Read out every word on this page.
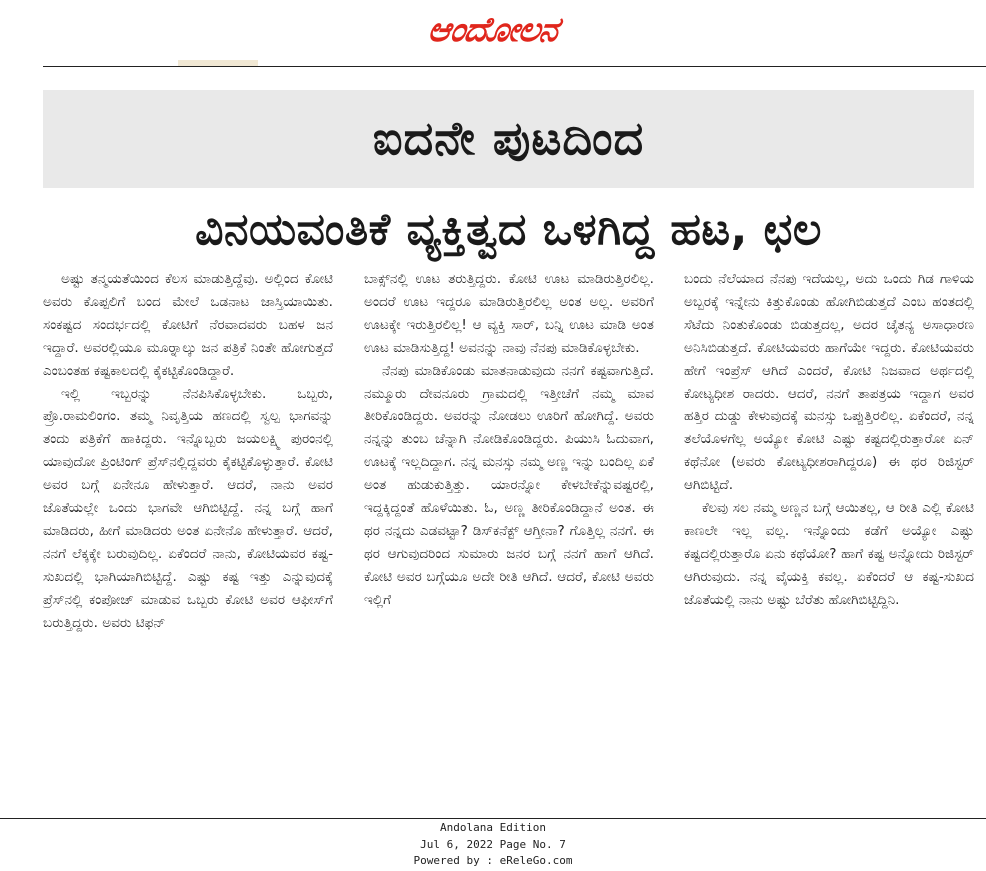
ಆಂದೋಲನ
ಐದನೇ ಪುಟದಿಂದ
ವಿನಯವಂತಿಕೆ ವ್ಯಕ್ತಿತ್ವದ ಒಳಗಿದ್ದ ಹಟ, ಛಲ

ಅಷ್ಟು ತನ್ಮಯತೆಯಿಂದ ಕೆಲಸ ಮಾಡುತ್ತಿದ್ದೆವು. ಅಲ್ಲಿಂದ ಕೋಟಿ ಅವರು ಕೊಪ್ಪಲಿಗೆ ಬಂದ ಮೇಲೆ ಒಡನಾಟ ಜಾಸ್ತಿಯಾಯಿತು. ಸಂಕಷ್ಟದ ಸಂದರ್ಭದಲ್ಲಿ ಕೋಟಿಗೆ ನೆರವಾದವರು ಬಹಳ ಜನ ಇದ್ದಾರೆ. ಅವರಲ್ಲಿಯೂ ಮೂರ್‍ನಾಲ್ಕು ಜನ ಪತ್ರಿಕೆ ನಿಂತೇ ಹೋಗುತ್ತದೆ ಎಂಬಂತಹ ಕಷ್ಟಕಾಲದಲ್ಲಿ ಕೈಕಟ್ಟಿಕೊಂಡಿದ್ದಾರೆ.

ಇಲ್ಲಿ ಇಬ್ಬರನ್ನು ನೆನಪಿಸಿಕೊಳ್ಳಬೇಕು. ಒಬ್ಬರು, ಪ್ರೊ.ರಾಮಲಿಂಗಂ. ತಮ್ಮ ನಿವೃತ್ತಿಯ ಹಣದಲ್ಲಿ ಸ್ವಲ್ಪ ಭಾಗವನ್ನು ತಂದು ಪತ್ರಿಕೆಗೆ ಹಾಕಿದ್ದರು. ಇನ್ನೊಬ್ಬರು ಜಯಲಕ್ಷ್ಮಿ ಪುರಂನಲ್ಲಿ ಯಾವುದೋ ಪ್ರಿಂಟಿಂಗ್ ಪ್ರೆಸ್‌ನಲ್ಲಿದ್ದವರು ಕೈಕಟ್ಟಿಕೊಳ್ಳುತ್ತಾರೆ. ಕೋಟಿ ಅವರ ಬಗ್ಗೆ ಏನೇನೂ ಹೇಳುತ್ತಾರೆ. ಆದರೆ, ನಾನು ಅವರ ಜೊತೆಯಲ್ಲೇ ಒಂದು ಭಾಗವೇ ಆಗಿಬಿಟ್ಟಿದ್ದೆ. ನನ್ನ ಬಗ್ಗೆ ಹಾಗೆ ಮಾಡಿದರು, ಹೀಗೆ ಮಾಡಿದರು ಅಂತ ಏನೇನೊ ಹೇಳುತ್ತಾರೆ. ಆದರೆ, ನನಗೆ ಲೆಕ್ಕಕ್ಕೇ ಬರುವುದಿಲ್ಲ. ಏಕೆಂದರೆ ನಾನು, ಕೋಟಿಯವರ ಕಷ್ಟ- ಸುಖದಲ್ಲಿ ಭಾಗಿಯಾಗಿಬಿಟ್ಟಿದ್ದೆ. ಎಷ್ಟು ಕಷ್ಟ ಇತ್ತು ಎನ್ನುವುದಕ್ಕೆ ಪ್ರೆಸ್‌ನಲ್ಲಿ ಕಂಪೋಜ್ ಮಾಡುವ ಒಬ್ಬರು ಕೋಟಿ ಅವರ ಆಫೀಸ್‌ಗೆ ಬರುತ್ತಿದ್ದರು. ಅವರು ಟಿಫನ್

ಬಾಕ್ಸ್‌ನಲ್ಲಿ ಊಟ ತರುತ್ತಿದ್ದರು. ಕೋಟಿ ಊಟ ಮಾಡಿರುತ್ತಿರಲಿಲ್ಲ. ಅಂದರೆ ಊಟ ಇದ್ದರೂ ಮಾಡಿರುತ್ತಿರಲಿಲ್ಲ ಅಂತ ಅಲ್ಲ. ಅವರಿಗೆ ಊಟಕ್ಕೇ ಇರುತ್ತಿರಲಿಲ್ಲ! ಆ ವ್ಯಕ್ತಿ ಸಾರ್, ಬನ್ನಿ ಊಟ ಮಾಡಿ ಅಂತ ಊಟ ಮಾಡಿಸುತ್ತಿದ್ದ! ಅವನನ್ನು ನಾವು ನೆನಪು ಮಾಡಿಕೊಳ್ಳಬೇಕು.

ನೆನಪು ಮಾಡಿಕೊಂಡು ಮಾತನಾಡುವುದು ನನಗೆ ಕಷ್ಟವಾಗುತ್ತಿದೆ. ನಮ್ಮೂರು ದೇವನೂರು ಗ್ರಾಮದಲ್ಲಿ ಇತ್ತೀಚೆಗೆ ನಮ್ಮ ಮಾವ ತೀರಿಕೊಂಡಿದ್ದರು. ಅವರನ್ನು ನೋಡಲು ಊರಿಗೆ ಹೋಗಿದ್ದೆ. ಅವರು ನನ್ನನ್ನು ತುಂಬ ಚೆನ್ನಾಗಿ ನೋಡಿಕೊಂಡಿದ್ದರು. ಪಿಯುಸಿ ಓದುವಾಗ, ಊಟಕ್ಕೆ ಇಲ್ಲದಿದ್ದಾಗ. ನನ್ನ ಮನಸ್ಸು ನಮ್ಮ ಅಣ್ಣ ಇನ್ನು ಬಂದಿಲ್ಲ ಏಕೆ ಅಂತ ಹುಡುಕುತ್ತಿತ್ತು. ಯಾರನ್ನೋ ಕೇಳಬೇಕೆನ್ನುವಷ್ಟರಲ್ಲಿ, ಇದ್ದಕ್ಕಿದ್ದಂತೆ ಹೊಳೆಯಿತು. ಓ, ಅಣ್ಣ ತೀರಿಕೊಂಡಿದ್ದಾನೆ ಅಂತ. ಈ ಥರ ನನ್ನದು ಎಡವಟ್ಟಾ? ಡಿಸ್‌ಕನೆಕ್ಟ್ ಆಗ್ತೀನಾ? ಗೊತ್ತಿಲ್ಲ ನನಗೆ. ಈ ಥರ ಆಗುವುದರಿಂದ ಸುಮಾರು ಜನರ ಬಗ್ಗೆ ನನಗೆ ಹಾಗೆ ಆಗಿದೆ. ಕೋಟಿ ಅವರ ಬಗ್ಗೆಯೂ ಅದೇ ರೀತಿ ಆಗಿದೆ. ಆದರೆ, ಕೋಟಿ ಅವರು ಇಲ್ಲಿಗೆ

ಬಂದು ನೆಲೆಯಾದ ನೆನಪು ಇದೆಯಲ್ಲ, ಅದು ಒಂದು ಗಿಡ ಗಾಳಿಯ ಅಬ್ಬರಕ್ಕೆ ಇನ್ನೇನು ಕಿತ್ತುಕೊಂಡು ಹೋಗಿಬಿಡುತ್ತದೆ ಎಂಬ ಹಂತದಲ್ಲಿ ಸೆಟೆದು ನಿಂತುಕೊಂಡು ಬಿಡುತ್ತದಲ್ಲ, ಅದರ ಚೈತನ್ಯ ಅಸಾಧಾರಣ ಅನಿಸಿಬಿಡುತ್ತದೆ. ಕೋಟಿಯವರು ಹಾಗೆಯೇ ಇದ್ದರು. ಕೋಟಿಯವರು ಹೇಗೆ ಇಂಪ್ರೆಸ್ ಆಗಿದೆ ಎಂದರೆ, ಕೋಟಿ ನಿಜವಾದ ಅರ್ಥದಲ್ಲಿ ಕೋಟ್ಯಧೀಶ ರಾದರು. ಆದರೆ, ನನಗೆ ತಾಪತ್ರಯ ಇದ್ದಾಗ ಅವರ ಹತ್ತಿರ ದುಡ್ಡು ಕೇಳುವುದಕ್ಕೆ ಮನಸ್ಸು ಒಪ್ಪುತ್ತಿರಲಿಲ್ಲ. ಏಕೆಂದರೆ, ನನ್ನ ತಲೆಯೊಳಗೆಲ್ಲ ಅಯ್ಯೋ ಕೋಟಿ ಎಷ್ಟು ಕಷ್ಟದಲ್ಲಿರುತ್ತಾರೋ ಏನ್ ಕಥೆನೋ (ಅವರು ಕೋಟ್ಯಧೀಶರಾಗಿದ್ದರೂ) ಈ ಥರ ರಿಜಿಸ್ಟರ್ ಆಗಿಬಿಟ್ಟಿದೆ.

ಕೆಲವು ಸಲ ನಮ್ಮ ಅಣ್ಣನ ಬಗ್ಗೆ ಆಯಿತಲ್ಲ, ಆ ರೀತಿ ಎಲ್ಲಿ ಕೋಟಿ ಕಾಣಲೇ ಇಲ್ಲ ವಲ್ಲ. ಇನ್ನೊಂದು ಕಡೆಗೆ ಅಯ್ಯೋ ಎಷ್ಟು ಕಷ್ಟದಲ್ಲಿರುತ್ತಾರೊ ಏನು ಕಥೆಯೋ? ಹಾಗೆ ಕಷ್ಟ ಅನ್ನೋದು ರಿಜಿಸ್ಟರ್ ಆಗಿರುವುದು. ನನ್ನ ವೈಯಕ್ತಿ ಕವಲ್ಲ. ಏಕೆಂದರೆ ಆ ಕಷ್ಟ-ಸುಖದ ಜೊತೆಯಲ್ಲಿ ನಾನು ಅಷ್ಟು ಬೆರೆತು ಹೋಗಿಬಿಟ್ಟಿದ್ದಿನಿ.

Andolana Edition
Jul 6, 2022 Page No. 7
Powered by : eReleGo.com
